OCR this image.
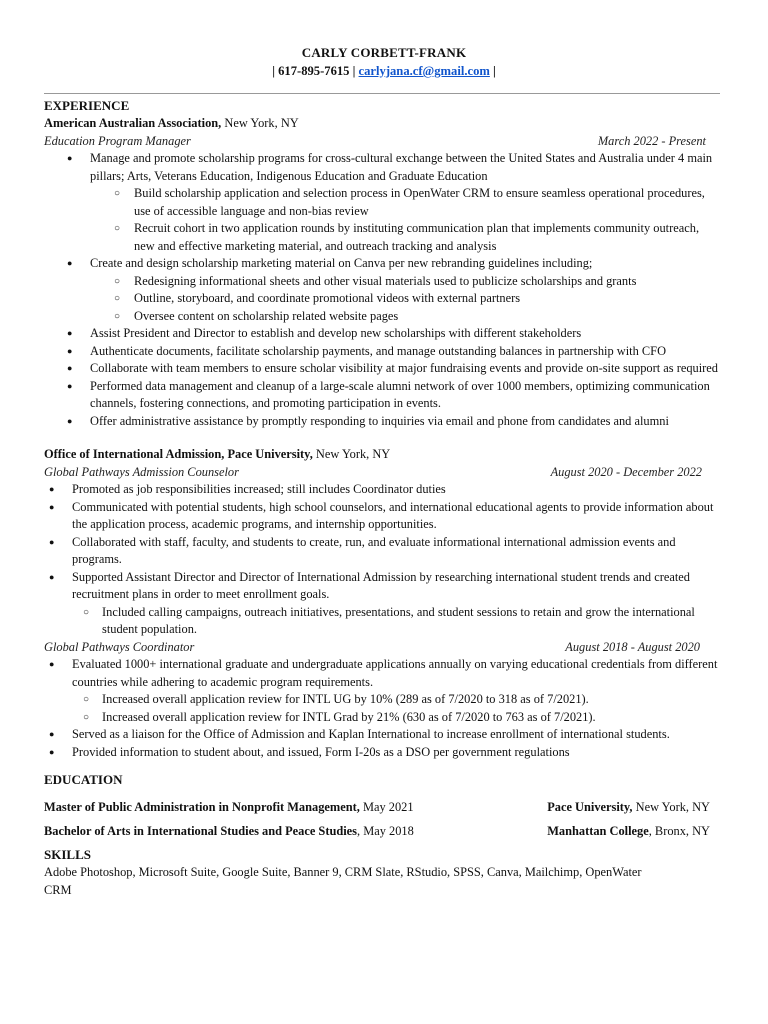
CARLY CORBETT-FRANK
| 617-895-7615 | carlyjana.cf@gmail.com |
EXPERIENCE
American Australian Association, New York, NY
Education Program Manager	March 2022 - Present
● Manage and promote scholarship programs for cross-cultural exchange between the United States and Australia under 4 main pillars; Arts, Veterans Education, Indigenous Education and Graduate Education
○ Build scholarship application and selection process in OpenWater CRM to ensure seamless operational procedures, use of accessible language and non-bias review
○ Recruit cohort in two application rounds by instituting communication plan that implements community outreach, new and effective marketing material, and outreach tracking and analysis
● Create and design scholarship marketing material on Canva per new rebranding guidelines including;
○ Redesigning informational sheets and other visual materials used to publicize scholarships and grants
○ Outline, storyboard, and coordinate promotional videos with external partners
○ Oversee content on scholarship related website pages
● Assist President and Director to establish and develop new scholarships with different stakeholders
● Authenticate documents, facilitate scholarship payments, and manage outstanding balances in partnership with CFO
● Collaborate with team members to ensure scholar visibility at major fundraising events and provide on-site support as required
● Performed data management and cleanup of a large-scale alumni network of over 1000 members, optimizing communication channels, fostering connections, and promoting participation in events.
● Offer administrative assistance by promptly responding to inquiries via email and phone from candidates and alumni
Office of International Admission, Pace University, New York, NY
Global Pathways Admission Counselor	August 2020 - December 2022
● Promoted as job responsibilities increased; still includes Coordinator duties
● Communicated with potential students, high school counselors, and international educational agents to provide information about the application process, academic programs, and internship opportunities.
● Collaborated with staff, faculty, and students to create, run, and evaluate informational international admission events and programs.
● Supported Assistant Director and Director of International Admission by researching international student trends and created recruitment plans in order to meet enrollment goals.
○ Included calling campaigns, outreach initiatives, presentations, and student sessions to retain and grow the international student population.
Global Pathways Coordinator	August 2018 - August 2020
● Evaluated 1000+ international graduate and undergraduate applications annually on varying educational credentials from different countries while adhering to academic program requirements.
○ Increased overall application review for INTL UG by 10% (289 as of 7/2020 to 318 as of 7/2021).
○ Increased overall application review for INTL Grad by 21% (630 as of 7/2020 to 763 as of 7/2021).
● Served as a liaison for the Office of Admission and Kaplan International to increase enrollment of international students.
● Provided information to student about, and issued, Form I-20s as a DSO per government regulations
EDUCATION
Master of Public Administration in Nonprofit Management, May 2021	Pace University, New York, NY
Bachelor of Arts in International Studies and Peace Studies, May 2018	Manhattan College, Bronx, NY
SKILLS
Adobe Photoshop, Microsoft Suite, Google Suite, Banner 9, CRM Slate, RStudio, SPSS, Canva, Mailchimp, OpenWater CRM
